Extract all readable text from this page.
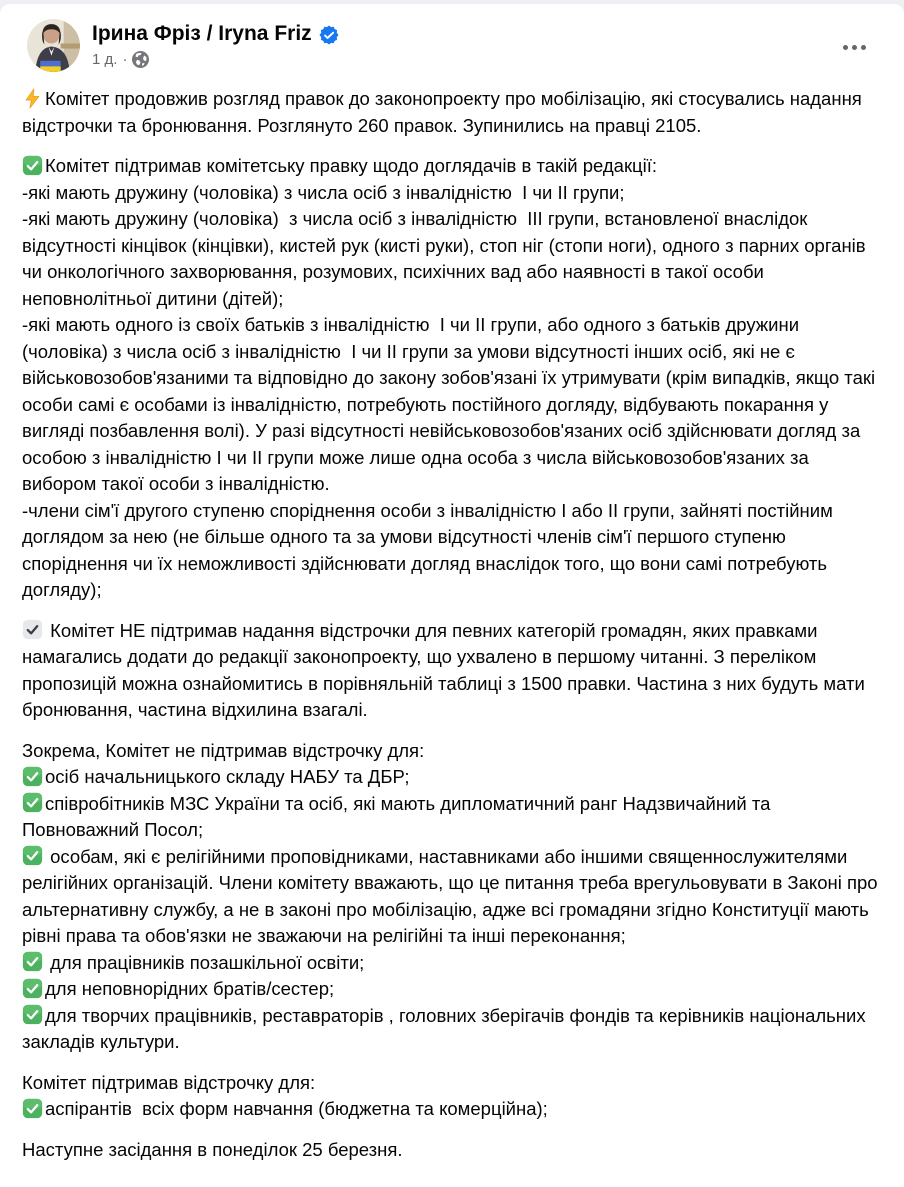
Ірина Фріз / Iryna Friz
1 д. ·
Комітет продовжив розгляд правок до законопроекту про мобілізацію, які стосувались надання відстрочки та бронювання. Розглянуто 260 правок. Зупинились на правці 2105.
Комітет підтримав комітетську правку щодо доглядачів в такій редакції:
-які мають дружину (чоловіка) з числа осіб з інвалідністю  І чи ІІ групи;
-які мають дружину (чоловіка)  з числа осіб з інвалідністю  ІІІ групи, встановленої внаслідок відсутності кінцівок (кінцівки), кистей рук (кисті руки), стоп ніг (стопи ноги), одного з парних органів чи онкологічного захворювання, розумових, психічних вад або наявності в такої особи неповнолітньої дитини (дітей);
-які мають одного із своїх батьків з інвалідністю  І чи ІІ групи, або одного з батьків дружини (чоловіка) з числа осіб з інвалідністю  І чи ІІ групи за умови відсутності інших осіб, які не є військовозобов'язаними та відповідно до закону зобов'язані їх утримувати (крім випадків, якщо такі особи самі є особами із інвалідністю, потребують постійного догляду, відбувають покарання у вигляді позбавлення волі). У разі відсутності невійськовозобов'язаних осіб здійснювати догляд за особою з інвалідністю І чи ІІ групи може лише одна особа з числа військовозобов'язаних за вибором такої особи з інвалідністю.
-члени сім'ї другого ступеню споріднення особи з інвалідністю І або ІІ групи, зайняті постійним доглядом за нею (не більше одного та за умови відсутності членів сім'ї першого ступеню споріднення чи їх неможливості здійснювати догляд внаслідок того, що вони самі потребують догляду);
Комітет НЕ підтримав надання відстрочки для певних категорій громадян, яких правками намагались додати до редакції законопроекту, що ухвалено в першому читанні. З переліком пропозицій можна ознайомитись в порівняльній таблиці з 1500 правки. Частина з них будуть мати бронювання, частина відхилина взагалі.
Зокрема, Комітет не підтримав відстрочку для:
осіб начальницького складу НАБУ та ДБР;
співробітників МЗС України та осіб, які мають дипломатичний ранг Надзвичайний та Повноважний Посол;
особам, які є релігійними проповідниками, наставниками або іншими священнослужителями релігійних організацій. Члени комітету вважають, що це питання треба врегульовувати в Законі про альтернативну службу, а не в законі про мобілізацію, адже всі громадяни згідно Конституції мають рівні права та обов'язки не зважаючи на релігійні та інші переконання;
для працівників позашкільної освіти;
для неповнорідних братів/сестер;
для творчих працівників, реставраторів , головних зберігачів фондів та керівників національних закладів культури.
Комітет підтримав відстрочку для:
аспірантів  всіх форм навчання (бюджетна та комерційна);
Наступне засідання в понеділок 25 березня.
